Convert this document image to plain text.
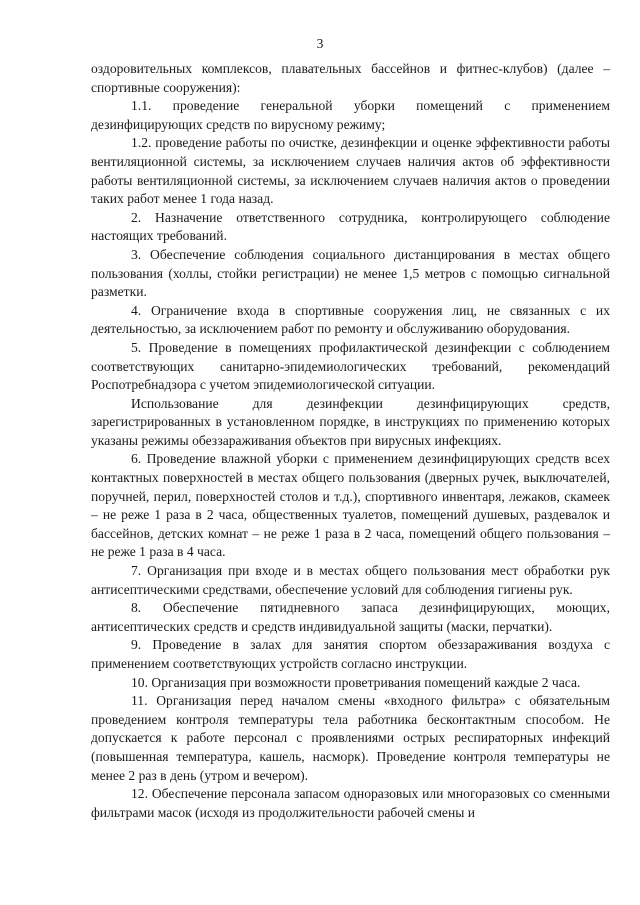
3

оздоровительных комплексов, плавательных бассейнов и фитнес-клубов) (далее – спортивные сооружения):

1.1. проведение генеральной уборки помещений с применением дезинфицирующих средств по вирусному режиму;

1.2. проведение работы по очистке, дезинфекции и оценке эффективности работы вентиляционной системы, за исключением случаев наличия актов об эффективности работы вентиляционной системы, за исключением случаев наличия актов о проведении таких работ менее 1 года назад.

2. Назначение ответственного сотрудника, контролирующего соблюдение настоящих требований.

3. Обеспечение соблюдения социального дистанцирования в местах общего пользования (холлы, стойки регистрации) не менее 1,5 метров с помощью сигнальной разметки.

4. Ограничение входа в спортивные сооружения лиц, не связанных с их деятельностью, за исключением работ по ремонту и обслуживанию оборудования.

5. Проведение в помещениях профилактической дезинфекции с соблюдением соответствующих санитарно-эпидемиологических требований, рекомендаций Роспотребнадзора с учетом эпидемиологической ситуации.

Использование для дезинфекции дезинфицирующих средств, зарегистрированных в установленном порядке, в инструкциях по применению которых указаны режимы обеззараживания объектов при вирусных инфекциях.

6. Проведение влажной уборки с применением дезинфицирующих средств всех контактных поверхностей в местах общего пользования (дверных ручек, выключателей, поручней, перил, поверхностей столов и т.д.), спортивного инвентаря, лежаков, скамеек – не реже 1 раза в 2 часа, общественных туалетов, помещений душевых, раздевалок и бассейнов, детских комнат – не реже 1 раза в 2 часа, помещений общего пользования – не реже 1 раза в 4 часа.

7. Организация при входе и в местах общего пользования мест обработки рук антисептическими средствами, обеспечение условий для соблюдения гигиены рук.

8. Обеспечение пятидневного запаса дезинфицирующих, моющих, антисептических средств и средств индивидуальной защиты (маски, перчатки).

9. Проведение в залах для занятия спортом обеззараживания воздуха с применением соответствующих устройств согласно инструкции.

10. Организация при возможности проветривания помещений каждые 2 часа.

11. Организация перед началом смены «входного фильтра» с обязательным проведением контроля температуры тела работника бесконтактным способом. Не допускается к работе персонал с проявлениями острых респираторных инфекций (повышенная температура, кашель, насморк). Проведение контроля температуры не менее 2 раз в день (утром и вечером).

12. Обеспечение персонала запасом одноразовых или многоразовых со сменными фильтрами масок (исходя из продолжительности рабочей смены и
